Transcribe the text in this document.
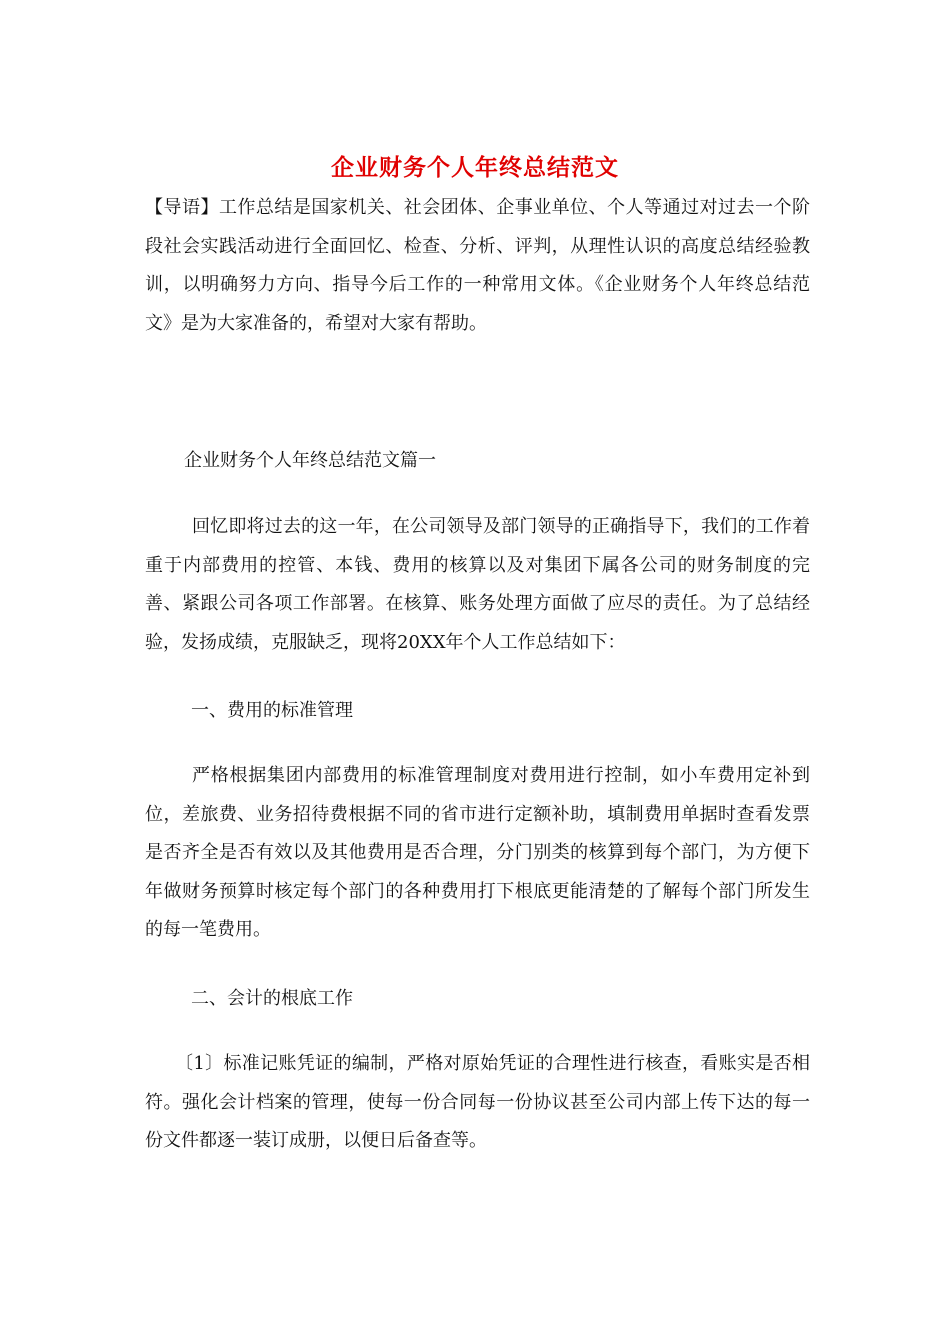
企业财务个人年终总结范文
【导语】工作总结是国家机关、社会团体、企事业单位、个人等通过对过去一个阶段社会实践活动进行全面回忆、检查、分析、评判，从理性认识的高度总结经验教训，以明确努力方向、指导今后工作的一种常用文体。《企业财务个人年终总结范文》是为大家准备的，希望对大家有帮助。
企业财务个人年终总结范文篇一
回忆即将过去的这一年，在公司领导及部门领导的正确指导下，我们的工作着重于内部费用的控管、本钱、费用的核算以及对集团下属各公司的财务制度的完善、紧跟公司各项工作部署。在核算、账务处理方面做了应尽的责任。为了总结经验，发扬成绩，克服缺乏，现将20XX年个人工作总结如下：
一、费用的标准管理
严格根据集团内部费用的标准管理制度对费用进行控制，如小车费用定补到位，差旅费、业务招待费根据不同的省市进行定额补助，填制费用单据时查看发票是否齐全是否有效以及其他费用是否合理，分门别类的核算到每个部门，为方便下年做财务预算时核定每个部门的各种费用打下根底更能清楚的了解每个部门所发生的每一笔费用。
二、会计的根底工作
〔1〕标准记账凭证的编制，严格对原始凭证的合理性进行核查，看账实是否相符。强化会计档案的管理，使每一份合同每一份协议甚至公司内部上传下达的每一份文件都逐一装订成册，以便日后备查等。
